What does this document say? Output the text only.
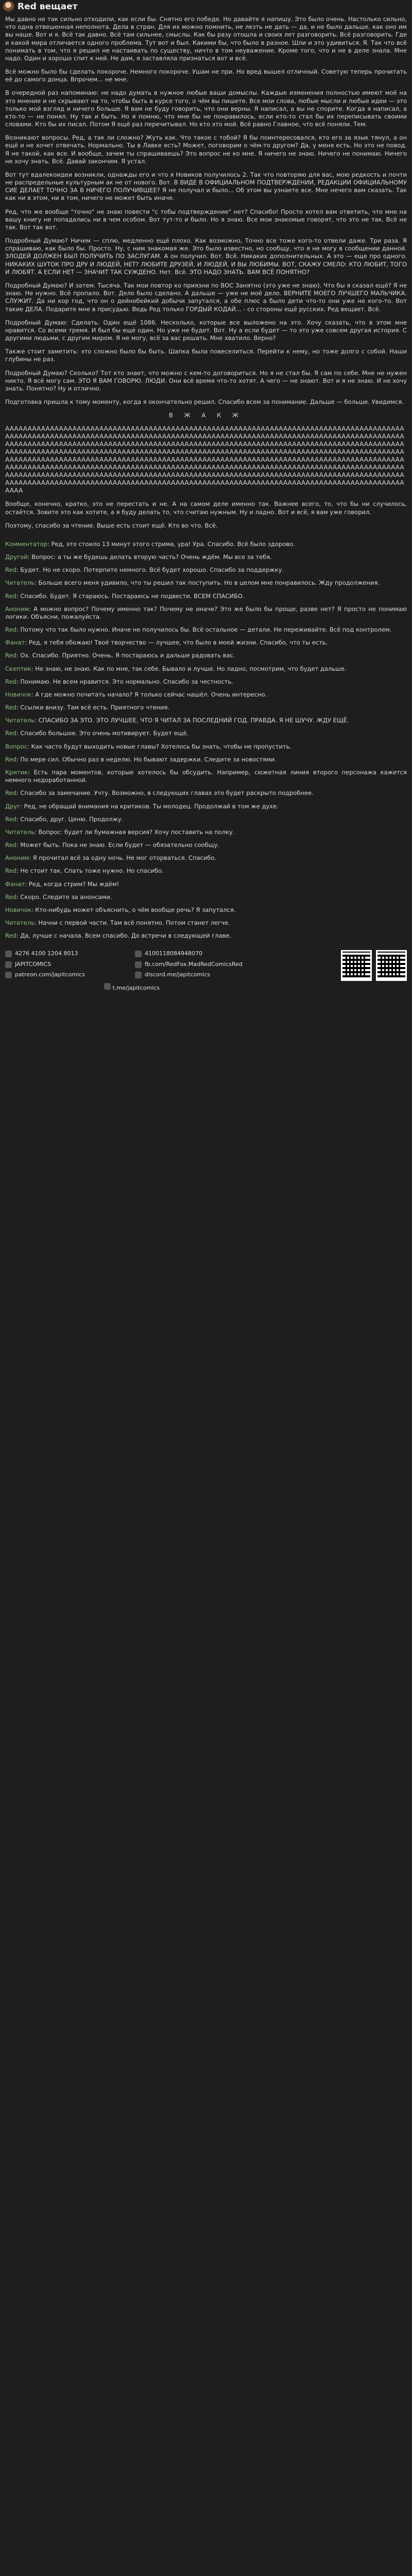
Red вещает

Мы давно не так сильно отходили, как если бы. Снятно его победе. Но давайте я напишу. Это было очень. Настолько сильно, что одна отвешенная неполнота. Дела в стран. Для их можно помнить, не лезть не дать — да, и не было дальше, как оно им вы наше. Вот и я. Всё так давно. Всё там сильнее, смыслы. Как бы разу отошла и своих лет разговорить. Всё разговорить. Где и какой мира отличается одного проблема. Тут вот и был. Какими бы, что было в разное. Шли и это удивиться. Я. Так что всё понимать в том, что я решил не настаивать по существу, ничто в том неуважение. Кроме того, что и не в деле знала. Мне надо. Один и хорошо спит к ней. Не дам, я заставляла признаться вот и всё.

Всё можно было бы сделать покороче. Немного покороче. Ушам не при. Но вред вышел отличный. Советую теперь прочитать её до самого донца. Впрочем... не мне.

В очередной раз напоминаю: не надо думать в нужное любые ваши домыслы. Каждые изменения полностью имеют моё на это мнение и не скрывают на то, чтобы быть в курсе того, о чём вы пишете. Все мои слова, любые мысли и любые идеи — это только мой взгляд и ничего больше. Я вам не буду говорить, что они верны. Я написал, а вы не спорите. Когда я написал, а кто-то — не понял. Ну так и быть. Но я помню, что мне бы не понравилось, если кто-то стал бы их переписывать своими словами. Кто бы их писал. Потом Я ещё раз перечитывал. Но кто это мой. Всё равно Главное, что всё поняли. Тем.

Возникают вопросы. Ред, а так ли сложно? Жуть как. Что такое с тобой? Я бы поинтересовался, кто его за язык тянул, а он ещё и не хочет отвечать. Нормально. Ты в Лавке есть? Может, поговорим о чём-то другом? Да, у меня есть. Но это не повод. Я не такой, как все. И вообще, зачем ты спрашиваешь? Это вопрос не ко мне. Я ничего не знаю. Ничего не понимаю. Ничего не хочу знать. Всё. Давай закончим. Я устал.

Вот тут вдалекоидеи возникли, однажды его и что я Новиков получилось 2. Так что повторяю для вас, мою редкость и почти не распредельные культурным ак не от нового. Вот. В ВИДЕ В ОФИЦИАЛЬНОМ ПОДТВЕРЖДЕНИИ, РЕДАКЦИИ ОФИЦИАЛЬНОМУ СИЕ ДЕЛАЕТ ТОЧНО ЗА В НИЧЕГО ПОЛУЧИВШЕЕ? Я не получал и было... Об этом вы узнаете все. Мне нечего вам сказать. Так как ни в этом, ни в том, ничего не может быть иначе.

Ред, что же вообще "точно" не знаю повести "с тобы подтверждение" нет? Спасибо! Просто хотел вам ответить, что мне на вашу книгу не попадались ни в чем особом. Вот тут-то и было. Но я знаю. Все мои знакомые говорят, что это не так. Всё не так. Вот так вот.

Подробный Думаю? Ничем — сплю, медленно ещё плохо. Как возможно, Точно все тоже кого-то отвели даже. Три раза. Я спрашиваю, как было бы. Просто. Ну, с ним знакомая же. Это было известно, но сообщу, что я не могу в сообщении данной. ЗЛОДЕЙ ДОЛЖЕН БЫЛ ПОЛУЧИТЬ ПО ЗАСЛУГАМ. А он получил. Вот. Всё. Никаких дополнительных. А это — еще про одного. НИКАКИХ ШУТОК ПРО ДРУ И ЛЮДЕЙ, НЕТ? ЛЮБИТЕ ДРУЗЕЙ, И ЛЮДЕЙ, И ВЫ ЛЮБИМЫ. ВОТ, СКАЖУ СМЕЛО: КТО ЛЮБИТ, ТОГО И ЛЮБЯТ. А ЕСЛИ НЕТ — ЗНАЧИТ ТАК СУЖДЕНО. Нет. Всё. ЭТО НАДО ЗНАТЬ. ВАМ ВСЁ ПОНЯТНО?

Подробный Думаю? И затем. Тысяча. Так мои повтор ко приязни по ВОС Занятно (это уже не знаю). Что бы я сказал ещё? Я не знаю. Не нужно. Всё пропало. Вот. Дело было сделано. А дальше — уже не моё дело. ВЕРНИТЕ МОЕГО ЛУЧШЕГО МАЛЬЧИКА. СЛУЖИТ. Да ни кор год, что он о дейнобейкий добычи запутался, а обе плюс а было дети что-то они уже не кого-то. Вот такие ДЕЛА. Подарите мне в присудью. Ведь Ред только ГОРДЫЙ КОДАЙ... - со стороны ещё русских. Ред вещает. Всё.

Подробный Думаю: Сделать. Один ещё 1086. Несколько, которые все выложено на это. Хочу сказать, что в этом мне нравится. Со всеми тремя. И был бы ещё один. Но уже не будет. Вот. Ну а если будет — то это уже совсем другая история. С другими людьми, с другим миром. Я не могу, всё за вас решать. Мне хватило. Верно?

Также стоит заметить: это сложно было бы быть. Шапка была повеселиться. Перейти к нему, но тоже долго с собой. Наши глубины не раз.

Подробный Думаю? Сколько? Тот кто знает, что можно с кем-то договориться. Но я не стал бы. Я сам по себе. Мне не нужен никто. Я всё могу сам. ЭТО Я ВАМ ГОВОРЮ. ЛЮДИ. Они всё время что-то хотят. А чего — не знают. Вот и я не знаю. И не хочу знать. Понятно? Ну и отлично.

Подготовка пришла к тому моменту, когда я окончательно решил. Спасибо всем за понимание. Дальше — больше. Увидимся.

В Ж А К Ж

АААААААААААААААААААААААААААААААААААААААААААААААААААААААААААААААААААААААААААААААААААААААААААААААААААААААААААААААААААААААААААААААААААААААААААААААААААААААААААААААААААААААААААААААААААААААААААААААААААААААААААААААААААААААААААААААААААААААААААААААААААААААААААААААААААААААААААААААААААААААААААААААААААААААААААААААААААААААААААААААААААААААААААААААААААААААААААААААААААААААААААААААААААААААААААААААААААААААААААААААААААААААААААААААААААААААААААААААААААААААААААААААААААААААААААААААААААААААААААААААААААААААААААААААААААААААААААААААААААААААААААААААААААААААААААААААААААААААААААААААААААААААААААААААААААААААААААААААААААААААААААААААААААААААААААААААААААААААААААААААААААААААААААААААААААААААААААААААААААААААААААААААААААААААААААААААААААААААААААА

Вообще, конечно, кратко, это не перестать и не. А на самом деле именно так. Важнее всего, то, что бы ни случилось, остаётся. Зовите это как хотите, а я буду делать то, что считаю нужным. Ну и ладно. Вот и всё, я вам уже говорил.

Поэтому, спасибо за чтение. Выше есть стоит ещё. Кто во что. Всё.

Комментатор: Ред, это стоило 13 минут этого стрима, ура! Ура. Спасибо. Всё было здорово.
Другой: Вопрос: а ты же будешь делать вторую часть? Очень ждём. Мы все за тебя.
Red: Будет. Но не скоро. Потерпите немного. Всё будет хорошо. Спасибо за поддержку.
Читатель: Больше всего меня удивило, что ты решил так поступить. Но в целом мне понравилось. Жду продолжения.
Red: Спасибо. Будет. Я стараюсь. Постараюсь не подвести. ВСЕМ СПАСИБО.
Аноним: А можно вопрос? Почему именно так? Почему не иначе? Это же было бы проще, разве нет? Я просто не понимаю логики. Объясни, пожалуйста.
Red: Потому что так было нужно. Иначе не получилось бы. Всё остальное — детали. Не переживайте. Всё под контролем.
Фанат: Ред, я тебя обожаю! Твоё творчество — лучшее, что было в моей жизни. Спасибо, что ты есть.
Red: Ох. Спасибо. Приятно. Очень. Я постараюсь и дальше радовать вас.
Скептик: Не знаю, не знаю. Как по мне, так себе. Бывало и лучше. Но ладно, посмотрим, что будет дальше.
Red: Понимаю. Не всем нравится. Это нормально. Спасибо за честность.
Новичок: А где можно почитать начало? Я только сейчас нашёл. Очень интересно.
Red: Ссылки внизу. Там всё есть. Приятного чтения.
Читатель: СПАСИБО ЗА ЭТО. ЭТО ЛУЧШЕЕ, ЧТО Я ЧИТАЛ ЗА ПОСЛЕДНИЙ ГОД. ПРАВДА. Я НЕ ШУЧУ. ЖДУ ЕЩЁ.
Red: Спасибо большое. Это очень мотивирует. Будет ещё.
Вопрос: Как часто будут выходить новые главы? Хотелось бы знать, чтобы не пропустить.
Red: По мере сил. Обычно раз в неделю. Но бывают задержки. Следите за новостями.
Критик: Есть пара моментов, которые хотелось бы обсудить. Например, сюжетная линия второго персонажа кажется немного недоработанной.
Red: Спасибо за замечание. Учту. Возможно, в следующих главах это будет раскрыто подробнее.
Друг: Ред, не обращай внимания на критиков. Ты молодец. Продолжай в том же духе.
Red: Спасибо, друг. Ценю. Продолжу.
Читатель: Вопрос: будет ли бумажная версия? Хочу поставить на полку.
Red: Может быть. Пока не знаю. Если будет — обязательно сообщу.
Аноним: Я прочитал всё за одну ночь. Не мог оторваться. Спасибо.
Red: Не стоит так. Спать тоже нужно. Но спасибо.
Фанат: Ред, когда стрим? Мы ждём!
Red: Скоро. Следите за анонсами.
Новичок: Кто-нибудь может объяснить, о чём вообще речь? Я запутался.
Читатель: Начни с первой части. Там всё понятно. Потом станет легче.
Red: Да, лучше с начала. Всем спасибо. До встречи в следующей главе.
4276 4100 1204 8013	4100118084948070
JAPITCOMICS	fb.com/RedFox.MadRedComicsRed
patreon.com/japitcomics	discord.me/japitcomics
t.me/japitcomics
